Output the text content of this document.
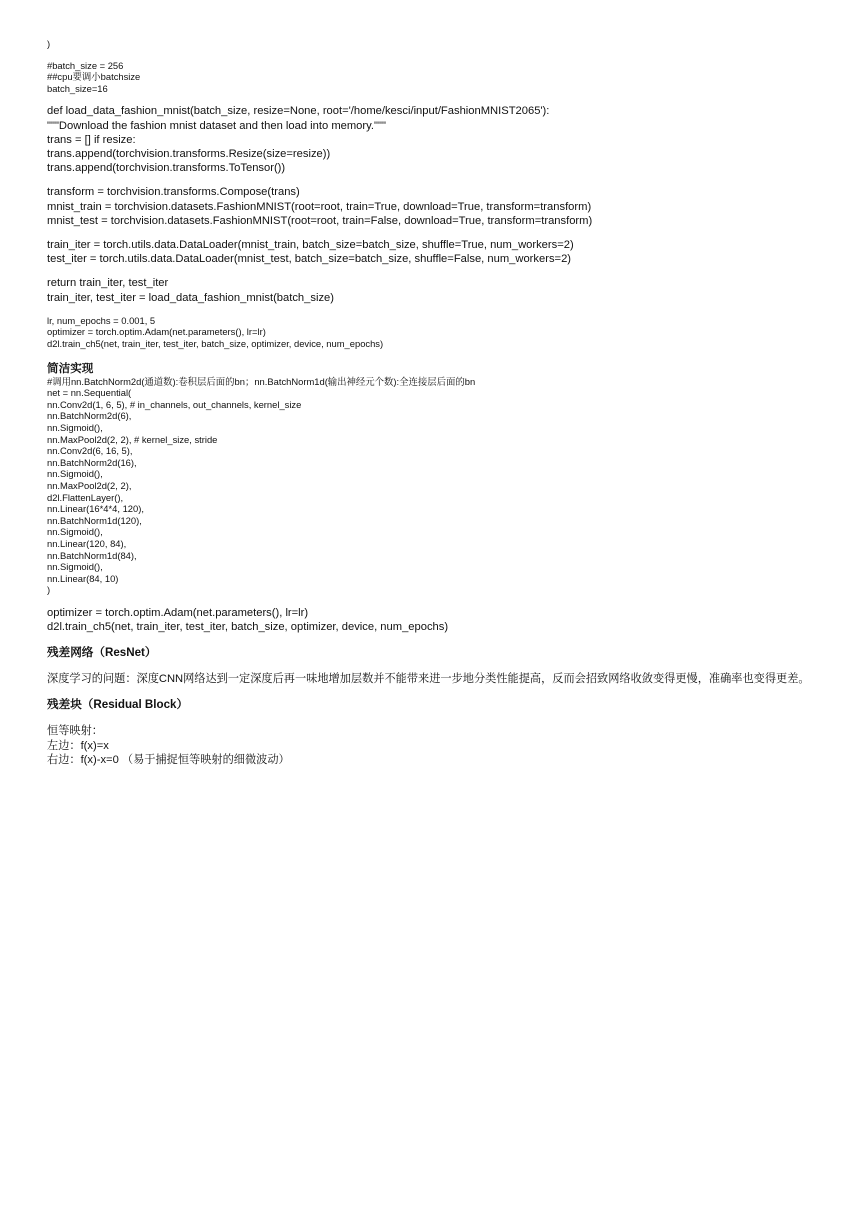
)
#batch_size = 256
##cpu要调小batchsize
batch_size=16
def load_data_fashion_mnist(batch_size, resize=None, root='/home/kesci/input/FashionMNIST2065'):
"""Download the fashion mnist dataset and then load into memory."""
trans = [] if resize:
trans.append(torchvision.transforms.Resize(size=resize))
trans.append(torchvision.transforms.ToTensor())
transform = torchvision.transforms.Compose(trans)
mnist_train = torchvision.datasets.FashionMNIST(root=root, train=True, download=True, transform=transform)
mnist_test = torchvision.datasets.FashionMNIST(root=root, train=False, download=True, transform=transform)
train_iter = torch.utils.data.DataLoader(mnist_train, batch_size=batch_size, shuffle=True, num_workers=2)
test_iter = torch.utils.data.DataLoader(mnist_test, batch_size=batch_size, shuffle=False, num_workers=2)
return train_iter, test_iter
train_iter, test_iter = load_data_fashion_mnist(batch_size)
lr, num_epochs = 0.001, 5
optimizer = torch.optim.Adam(net.parameters(), lr=lr)
d2l.train_ch5(net, train_iter, test_iter, batch_size, optimizer, device, num_epochs)
简洁实现
#调用nn.BatchNorm2d(通道数):卷积层后面的bn；nn.BatchNorm1d(输出神经元个数):全连接层后面的bn
net = nn.Sequential(
nn.Conv2d(1, 6, 5), # in_channels, out_channels, kernel_size
nn.BatchNorm2d(6),
nn.Sigmoid(),
nn.MaxPool2d(2, 2), # kernel_size, stride
nn.Conv2d(6, 16, 5),
nn.BatchNorm2d(16),
nn.Sigmoid(),
nn.MaxPool2d(2, 2),
d2l.FlattenLayer(),
nn.Linear(16*4*4, 120),
nn.BatchNorm1d(120),
nn.Sigmoid(),
nn.Linear(120, 84),
nn.BatchNorm1d(84),
nn.Sigmoid(),
nn.Linear(84, 10)
)
optimizer = torch.optim.Adam(net.parameters(), lr=lr)
d2l.train_ch5(net, train_iter, test_iter, batch_size, optimizer, device, num_epochs)
残差网络（ResNet）
深度学习的问题：深度CNN网络达到一定深度后再一味地增加层数并不能带来进一步地分类性能提高，反而会招致网络收敛变得更慢，准确率也变得更差。
残差块（Residual Block）
恒等映射：
左边：f(x)=x
右边：f(x)-x=0 （易于捕捉恒等映射的细微波动）
